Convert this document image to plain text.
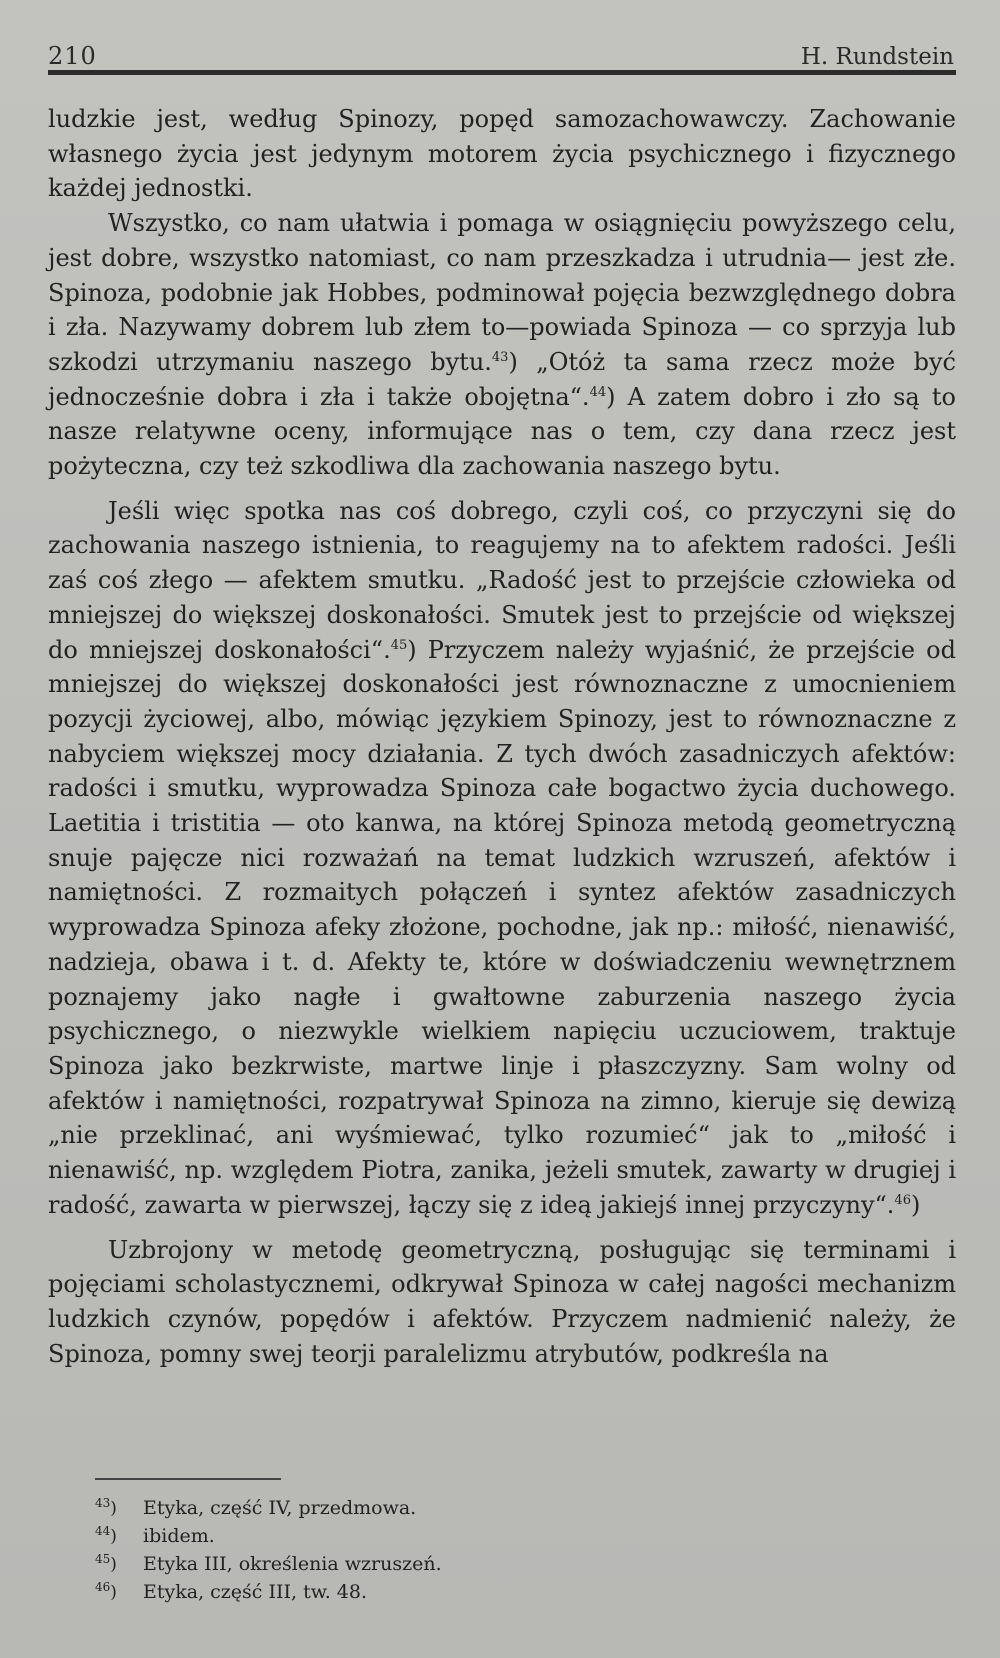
210	H. Rundstein

ludzkie jest, według Spinozy, popęd samozachowawczy. Zachowanie własnego życia jest jedynym motorem życia psychicznego i fizycznego każdej jednostki.

Wszystko, co nam ułatwia i pomaga w osiągnięciu powyższego celu, jest dobre, wszystko natomiast, co nam przeszkadza i utrudnia— jest złe. Spinoza, podobnie jak Hobbes, podminował pojęcia bezwzględnego dobra i zła. Nazywamy dobrem lub złem to—powiada Spinoza — co sprzyja lub szkodzi utrzymaniu naszego bytu.$^{43}$) „Otóż ta sama rzecz może być jednocześnie dobra i zła i także obojętna“.$^{44}$) A zatem dobro i zło są to nasze relatywne oceny, informujące nas o tem, czy dana rzecz jest pożyteczna, czy też szkodliwa dla zachowania naszego bytu.

Jeśli więc spotka nas coś dobrego, czyli coś, co przyczyni się do zachowania naszego istnienia, to reagujemy na to afektem radości. Jeśli zaś coś złego — afektem smutku. „Radość jest to przejście człowieka od mniejszej do większej doskonałości. Smutek jest to przejście od większej do mniejszej doskonałości“.$^{45}$) Przyczem należy wyjaśnić, że przejście od mniejszej do większej doskonałości jest równoznaczne z umocnieniem pozycji życiowej, albo, mówiąc językiem Spinozy, jest to równoznaczne z nabyciem większej mocy działania. Z tych dwóch zasadniczych afektów: radości i smutku, wyprowadza Spinoza całe bogactwo życia duchowego. Laetitia i tristitia — oto kanwa, na której Spinoza metodą geometryczną snuje pajęcze nici rozważań na temat ludzkich wzruszeń, afektów i namiętności. Z rozmaitych połączeń i syntez afektów zasadniczych wyprowadza Spinoza afeky złożone, pochodne, jak np.: miłość, nienawiść, nadzieja, obawa i t. d. Afekty te, które w doświadczeniu wewnętrznem poznajemy jako nagłe i gwałtowne zaburzenia naszego życia psychicznego, o niezwykle wielkiem napięciu uczuciowem, traktuje Spinoza jako bezkrwiste, martwe linje i płaszczyzny. Sam wolny od afektów i namiętności, rozpatrywał Spinoza na zimno, kieruje się dewizą „nie przeklinać, ani wyśmiewać, tylko rozumieć“ jak to „miłość i nienawiść, np. względem Piotra, zanika, jeżeli smutek, zawarty w drugiej i radość, zawarta w pierwszej, łączy się z ideą jakiejś innej przyczyny“.$^{46}$)

Uzbrojony w metodę geometryczną, posługując się terminami i pojęciami scholastycznemi, odkrywał Spinoza w całej nagości mechanizm ludzkich czynów, popędów i afektów. Przyczem nadmienić należy, że Spinoza, pomny swej teorji paralelizmu atrybutów, podkreśla na

$^{43}$)	Etyka, część IV, przedmowa.
$^{44}$)	ibidem.
$^{45}$)	Etyka III, określenia wzruszeń.
$^{46}$)	Etyka, część III, tw. 48.
